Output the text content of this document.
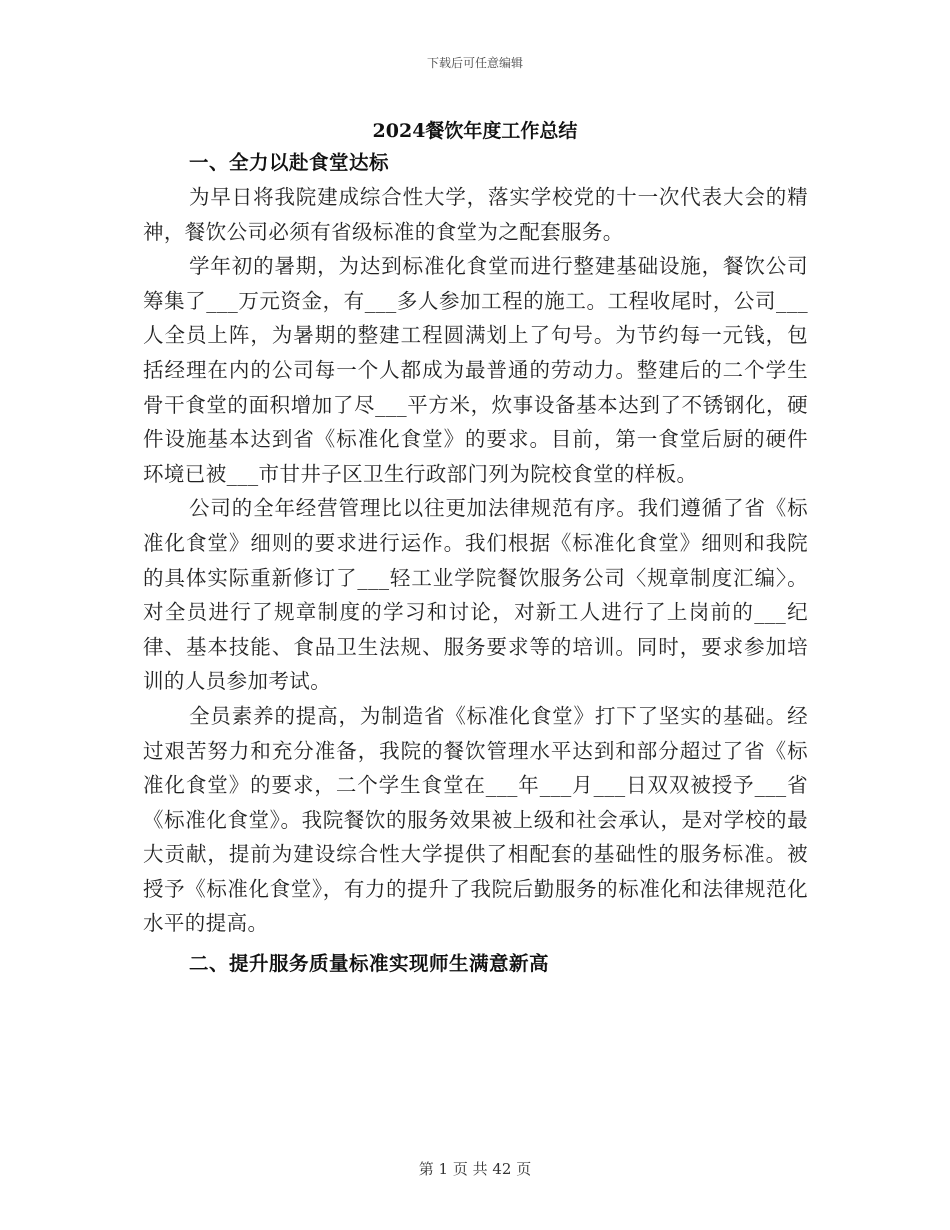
下载后可任意编辑
2024餐饮年度工作总结

一、全力以赴食堂达标

为早日将我院建成综合性大学，落实学校党的十一次代表大会的精神，餐饮公司必须有省级标准的食堂为之配套服务。

学年初的暑期，为达到标准化食堂而进行整建基础设施，餐饮公司筹集了___万元资金，有___多人参加工程的施工。工程收尾时，公司___人全员上阵，为暑期的整建工程圆满划上了句号。为节约每一元钱，包括经理在内的公司每一个人都成为最普通的劳动力。整建后的二个学生骨干食堂的面积增加了尽___平方米，炊事设备基本达到了不锈钢化，硬件设施基本达到省《标准化食堂》的要求。目前，第一食堂后厨的硬件环境已被___市甘井子区卫生行政部门列为院校食堂的样板。

公司的全年经营管理比以往更加法律规范有序。我们遵循了省《标准化食堂》细则的要求进行运作。我们根据《标准化食堂》细则和我院的具体实际重新修订了___轻工业学院餐饮服务公司〈规章制度汇编〉。对全员进行了规章制度的学习和讨论，对新工人进行了上岗前的___纪律、基本技能、食品卫生法规、服务要求等的培训。同时，要求参加培训的人员参加考试。

全员素养的提高，为制造省《标准化食堂》打下了坚实的基础。经过艰苦努力和充分准备，我院的餐饮管理水平达到和部分超过了省《标准化食堂》的要求，二个学生食堂在___年___月___日双双被授予___省《标准化食堂》。我院餐饮的服务效果被上级和社会承认，是对学校的最大贡献，提前为建设综合性大学提供了相配套的基础性的服务标准。被授予《标准化食堂》，有力的提升了我院后勤服务的标准化和法律规范化水平的提高。

二、提升服务质量标准实现师生满意新高

第 1 页 共 42 页
